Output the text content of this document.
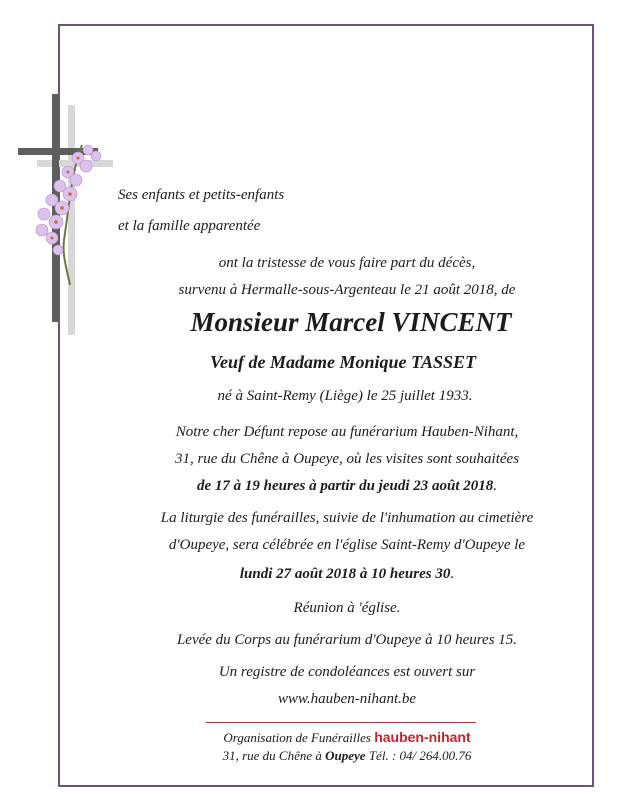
Ses enfants et petits-enfants
et la famille apparentée
ont la tristesse de vous faire part du décès,
survenu à Hermalle-sous-Argenteau le 21 août 2018, de
Monsieur Marcel VINCENT
Veuf de Madame Monique TASSET
né à Saint-Remy (Liège) le 25 juillet 1933.
Notre cher Défunt repose au funérarium Hauben-Nihant,
31, rue du Chêne à Oupeye, où les visites sont souhaitées
de 17 à 19 heures à partir du jeudi 23 août 2018.
La liturgie des funérailles, suivie de l'inhumation au cimetière
d'Oupeye, sera célébrée en l'église Saint-Remy d'Oupeye le
lundi 27 août 2018 à 10 heures 30.
Réunion à 'église.
Levée du Corps au funérarium d'Oupeye à 10 heures 15.
Un registre de condoléances est ouvert sur
www.hauben-nihant.be
Organisation de Funérailles hauben-nihant
31, rue du Chêne à Oupeye Tél. : 04/ 264.00.76
